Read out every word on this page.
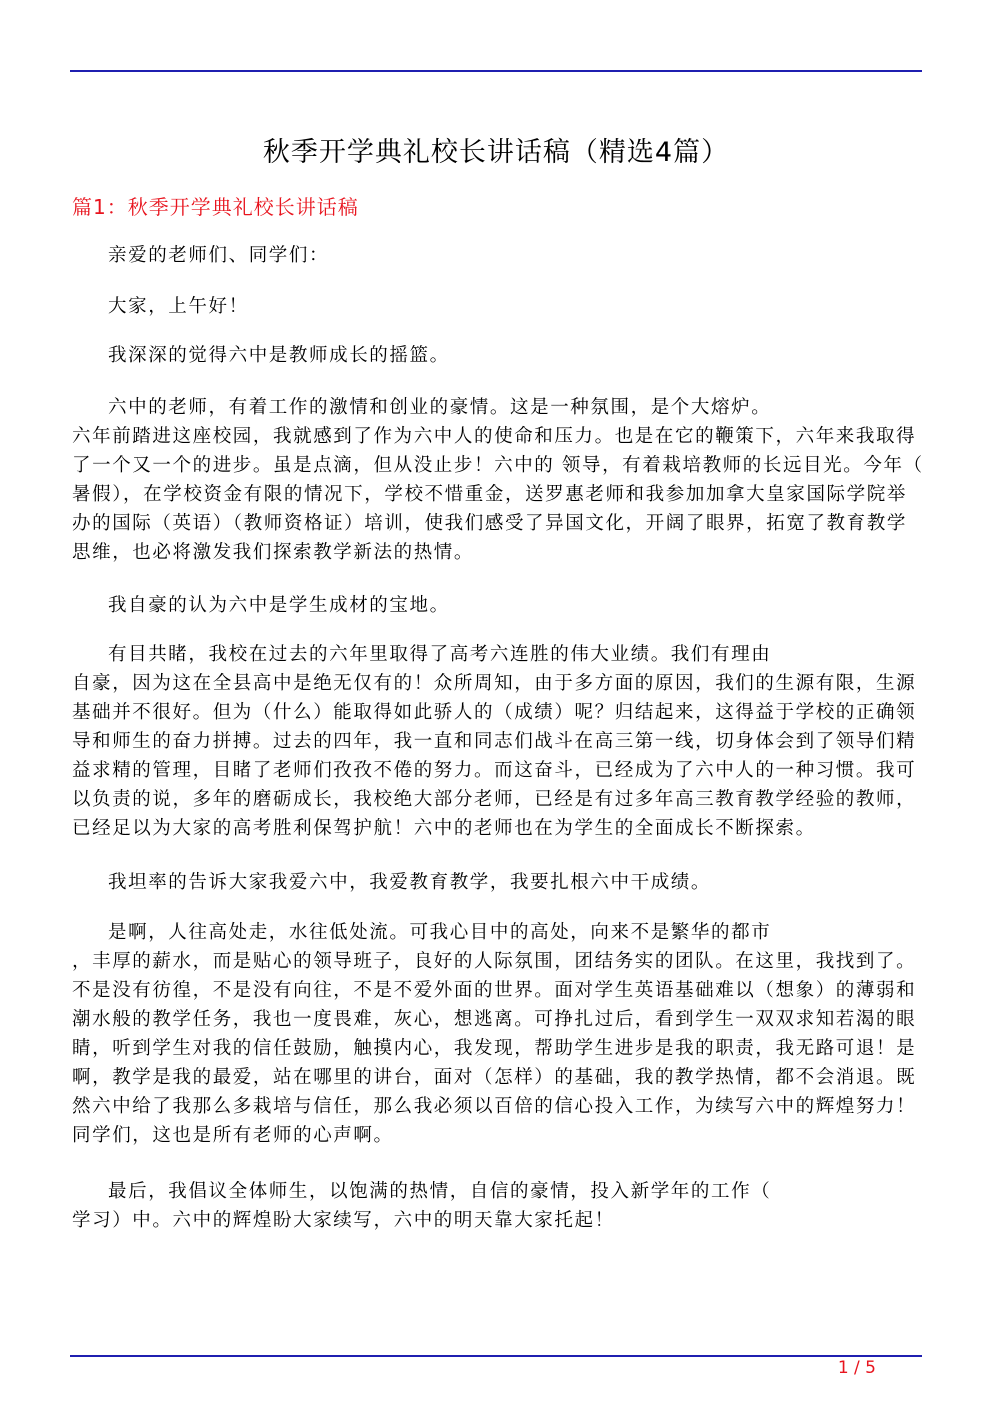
秋季开学典礼校长讲话稿（精选4篇）
篇1：秋季开学典礼校长讲话稿
亲爱的老师们、同学们：
大家，上午好！
我深深的觉得六中是教师成长的摇篮。
六中的老师，有着工作的激情和创业的豪情。这是一种氛围，是个大熔炉。
六年前踏进这座校园，我就感到了作为六中人的使命和压力。也是在它的鞭策下，六年来我取得
了一个又一个的进步。虽是点滴，但从没止步！六中的 领导，有着栽培教师的长远目光。今年（
暑假），在学校资金有限的情况下，学校不惜重金，送罗惠老师和我参加加拿大皇家国际学院举
办的国际（英语）（教师资格证）培训，使我们感受了异国文化，开阔了眼界，拓宽了教育教学
思维，也必将激发我们探索教学新法的热情。
我自豪的认为六中是学生成材的宝地。
有目共睹，我校在过去的六年里取得了高考六连胜的伟大业绩。我们有理由
自豪，因为这在全县高中是绝无仅有的！众所周知，由于多方面的原因，我们的生源有限，生源
基础并不很好。但为（什么）能取得如此骄人的（成绩）呢？归结起来，这得益于学校的正确领
导和师生的奋力拼搏。过去的四年，我一直和同志们战斗在高三第一线，切身体会到了领导们精
益求精的管理，目睹了老师们孜孜不倦的努力。而这奋斗，已经成为了六中人的一种习惯。我可
以负责的说，多年的磨砺成长，我校绝大部分老师，已经是有过多年高三教育教学经验的教师，
已经足以为大家的高考胜利保驾护航！六中的老师也在为学生的全面成长不断探索。
我坦率的告诉大家我爱六中，我爱教育教学，我要扎根六中干成绩。
是啊，人往高处走，水往低处流。可我心目中的高处，向来不是繁华的都市
，丰厚的薪水，而是贴心的领导班子，良好的人际氛围，团结务实的团队。在这里，我找到了。
不是没有彷徨，不是没有向往，不是不爱外面的世界。面对学生英语基础难以（想象）的薄弱和
潮水般的教学任务，我也一度畏难，灰心，想逃离。可挣扎过后，看到学生一双双求知若渴的眼
睛，听到学生对我的信任鼓励，触摸内心，我发现，帮助学生进步是我的职责，我无路可退！是
啊，教学是我的最爱，站在哪里的讲台，面对（怎样）的基础，我的教学热情，都不会消退。既
然六中给了我那么多栽培与信任，那么我必须以百倍的信心投入工作，为续写六中的辉煌努力！
同学们，这也是所有老师的心声啊。
最后，我倡议全体师生，以饱满的热情，自信的豪情，投入新学年的工作（
学习）中。六中的辉煌盼大家续写，六中的明天靠大家托起！
1 / 5
